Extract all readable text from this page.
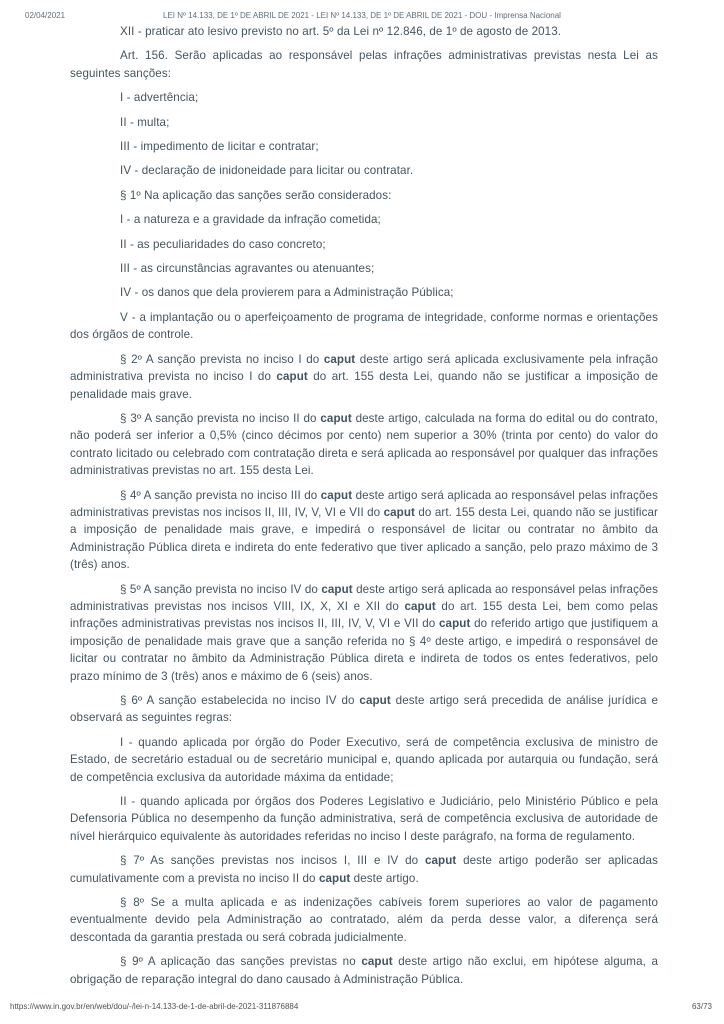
02/04/2021	LEI Nº 14.133, DE 1º DE ABRIL DE 2021 - LEI Nº 14.133, DE 1º DE ABRIL DE 2021 - DOU - Imprensa Nacional

XII - praticar ato lesivo previsto no art. 5º da Lei nº 12.846, de 1º de agosto de 2013.

Art. 156. Serão aplicadas ao responsável pelas infrações administrativas previstas nesta Lei as seguintes sanções:

I - advertência;

II - multa;

III - impedimento de licitar e contratar;

IV - declaração de inidoneidade para licitar ou contratar.

§ 1º Na aplicação das sanções serão considerados:

I - a natureza e a gravidade da infração cometida;

II - as peculiaridades do caso concreto;

III - as circunstâncias agravantes ou atenuantes;

IV - os danos que dela provierem para a Administração Pública;

V - a implantação ou o aperfeiçoamento de programa de integridade, conforme normas e orientações dos órgãos de controle.

§ 2º A sanção prevista no inciso I do caput deste artigo será aplicada exclusivamente pela infração administrativa prevista no inciso I do caput do art. 155 desta Lei, quando não se justificar a imposição de penalidade mais grave.

§ 3º A sanção prevista no inciso II do caput deste artigo, calculada na forma do edital ou do contrato, não poderá ser inferior a 0,5% (cinco décimos por cento) nem superior a 30% (trinta por cento) do valor do contrato licitado ou celebrado com contratação direta e será aplicada ao responsável por qualquer das infrações administrativas previstas no art. 155 desta Lei.

§ 4º A sanção prevista no inciso III do caput deste artigo será aplicada ao responsável pelas infrações administrativas previstas nos incisos II, III, IV, V, VI e VII do caput do art. 155 desta Lei, quando não se justificar a imposição de penalidade mais grave, e impedirá o responsável de licitar ou contratar no âmbito da Administração Pública direta e indireta do ente federativo que tiver aplicado a sanção, pelo prazo máximo de 3 (três) anos.

§ 5º A sanção prevista no inciso IV do caput deste artigo será aplicada ao responsável pelas infrações administrativas previstas nos incisos VIII, IX, X, XI e XII do caput do art. 155 desta Lei, bem como pelas infrações administrativas previstas nos incisos II, III, IV, V, VI e VII do caput do referido artigo que justifiquem a imposição de penalidade mais grave que a sanção referida no § 4º deste artigo, e impedirá o responsável de licitar ou contratar no âmbito da Administração Pública direta e indireta de todos os entes federativos, pelo prazo mínimo de 3 (três) anos e máximo de 6 (seis) anos.

§ 6º A sanção estabelecida no inciso IV do caput deste artigo será precedida de análise jurídica e observará as seguintes regras:

I - quando aplicada por órgão do Poder Executivo, será de competência exclusiva de ministro de Estado, de secretário estadual ou de secretário municipal e, quando aplicada por autarquia ou fundação, será de competência exclusiva da autoridade máxima da entidade;

II - quando aplicada por órgãos dos Poderes Legislativo e Judiciário, pelo Ministério Público e pela Defensoria Pública no desempenho da função administrativa, será de competência exclusiva de autoridade de nível hierárquico equivalente às autoridades referidas no inciso I deste parágrafo, na forma de regulamento.

§ 7º As sanções previstas nos incisos I, III e IV do caput deste artigo poderão ser aplicadas cumulativamente com a prevista no inciso II do caput deste artigo.

§ 8º Se a multa aplicada e as indenizações cabíveis forem superiores ao valor de pagamento eventualmente devido pela Administração ao contratado, além da perda desse valor, a diferença será descontada da garantia prestada ou será cobrada judicialmente.

§ 9º A aplicação das sanções previstas no caput deste artigo não exclui, em hipótese alguma, a obrigação de reparação integral do dano causado à Administração Pública.

https://www.in.gov.br/en/web/dou/-/lei-n-14.133-de-1-de-abril-de-2021-311876884	63/73
